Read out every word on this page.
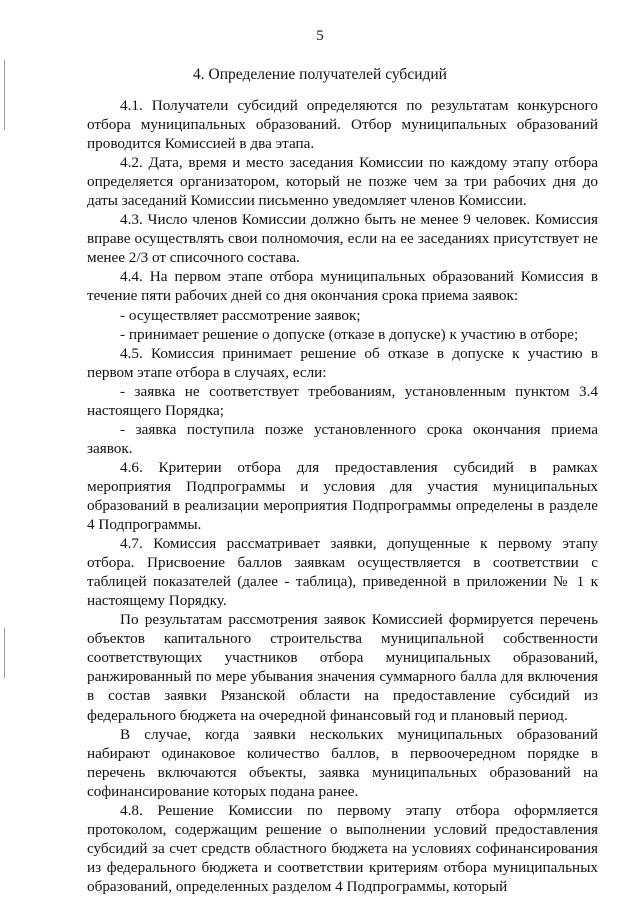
5
4. Определение получателей субсидий

4.1. Получатели субсидий определяются по результатам конкурсного отбора муниципальных образований. Отбор муниципальных образований проводится Комиссией в два этапа.

4.2. Дата, время и место заседания Комиссии по каждому этапу отбора определяется организатором, который не позже чем за три рабочих дня до даты заседаний Комиссии письменно уведомляет членов Комиссии.

4.3. Число членов Комиссии должно быть не менее 9 человек. Комиссия вправе осуществлять свои полномочия, если на ее заседаниях присутствует не менее 2/3 от списочного состава.

4.4. На первом этапе отбора муниципальных образований Комиссия в течение пяти рабочих дней со дня окончания срока приема заявок:

- осуществляет рассмотрение заявок;

- принимает решение о допуске (отказе в допуске) к участию в отборе;

4.5. Комиссия принимает решение об отказе в допуске к участию в первом этапе отбора в случаях, если:

- заявка не соответствует требованиям, установленным пунктом 3.4 настоящего Порядка;

- заявка поступила позже установленного срока окончания приема заявок.

4.6. Критерии отбора для предоставления субсидий в рамках мероприятия Подпрограммы и условия для участия муниципальных образований в реализации мероприятия Подпрограммы определены в разделе 4 Подпрограммы.

4.7. Комиссия рассматривает заявки, допущенные к первому этапу отбора. Присвоение баллов заявкам осуществляется в соответствии с таблицей показателей (далее - таблица), приведенной в приложении № 1 к настоящему Порядку.

По результатам рассмотрения заявок Комиссией формируется перечень объектов капитального строительства муниципальной собственности соответствующих участников отбора муниципальных образований, ранжированный по мере убывания значения суммарного балла для включения в состав заявки Рязанской области на предоставление субсидий из федерального бюджета на очередной финансовый год и плановый период.

В случае, когда заявки нескольких муниципальных образований набирают одинаковое количество баллов, в первоочередном порядке в перечень включаются объекты, заявка муниципальных образований на софинансирование которых подана ранее.

4.8. Решение Комиссии по первому этапу отбора оформляется протоколом, содержащим решение о выполнении условий предоставления субсидий за счет средств областного бюджета на условиях софинансирования из федерального бюджета и соответствии критериям отбора муниципальных образований, определенных разделом 4 Подпрограммы, который
